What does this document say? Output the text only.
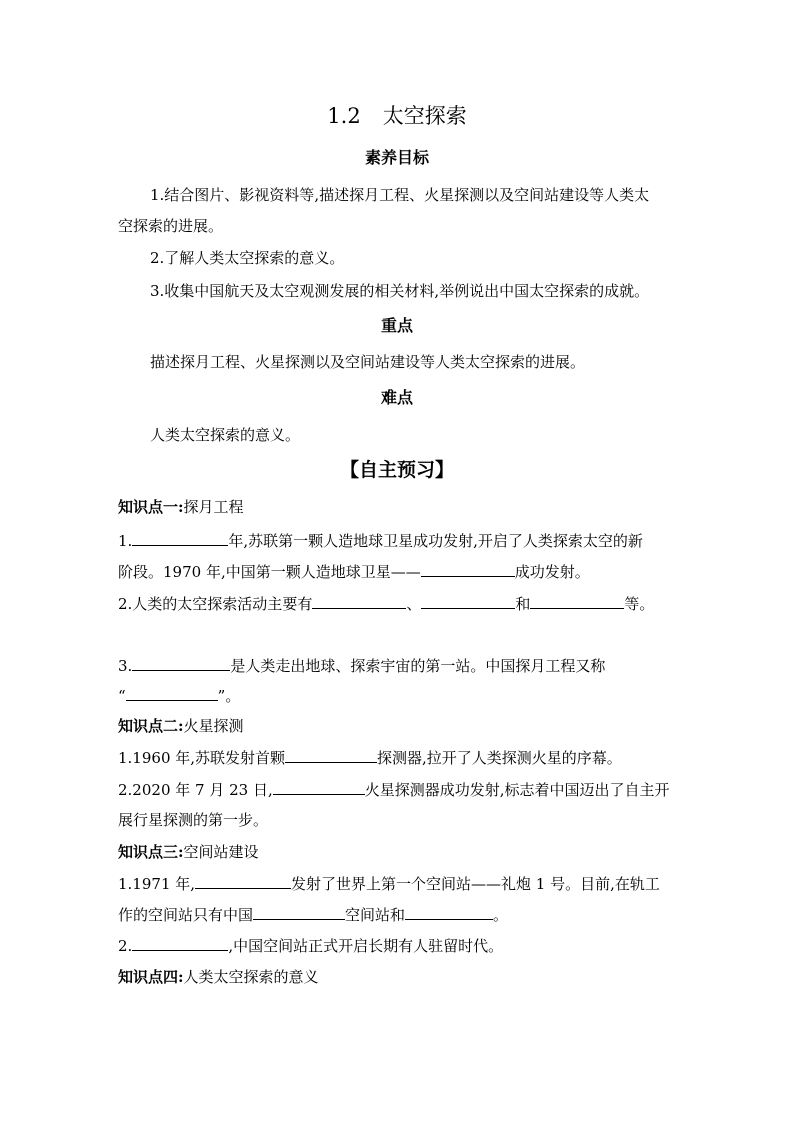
1.2 太空探索
素养目标
1.结合图片、影视资料等,描述探月工程、火星探测以及空间站建设等人类太
空探索的进展。
2.了解人类太空探索的意义。
3.收集中国航天及太空观测发展的相关材料,举例说出中国太空探索的成就。
重点
描述探月工程、火星探测以及空间站建设等人类太空探索的进展。
难点
人类太空探索的意义。
【自主预习】
知识点一:探月工程
1.	年,苏联第一颗人造地球卫星成功发射,开启了人类探索太空的新
阶段。1970 年,中国第一颗人造地球卫星——	成功发射。
2.人类的太空探索活动主要有	、	和	等。
3.	是人类走出地球、探索宇宙的第一站。中国探月工程又称
“	”。
知识点二:火星探测
1.1960 年,苏联发射首颗	探测器,拉开了人类探测火星的序幕。
2.2020 年 7 月 23 日,	火星探测器成功发射,标志着中国迈出了自主开
展行星探测的第一步。
知识点三:空间站建设
1.1971 年,	发射了世界上第一个空间站——礼炮 1 号。目前,在轨工
作的空间站只有中国	空间站和	。
2.	,中国空间站正式开启长期有人驻留时代。
知识点四:人类太空探索的意义
